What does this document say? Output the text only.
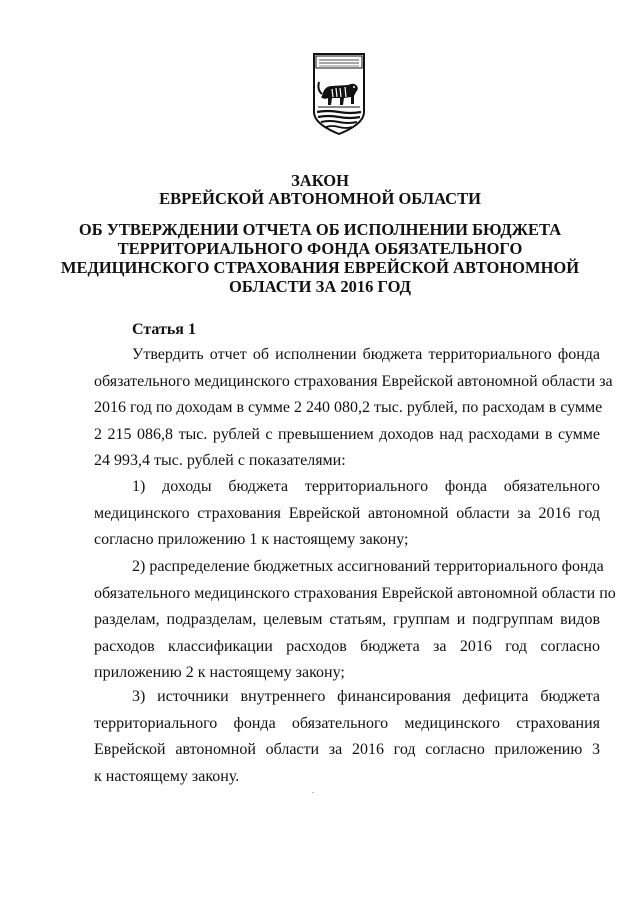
ЗАКОН
ЕВРЕЙСКОЙ АВТОНОМНОЙ ОБЛАСТИ
ОБ УТВЕРЖДЕНИИ ОТЧЕТА ОБ ИСПОЛНЕНИИ БЮДЖЕТА
ТЕРРИТОРИАЛЬНОГО ФОНДА ОБЯЗАТЕЛЬНОГО
МЕДИЦИНСКОГО СТРАХОВАНИЯ ЕВРЕЙСКОЙ АВТОНОМНОЙ
ОБЛАСТИ ЗА 2016 ГОД
Статья 1
Утвердить отчет об исполнении бюджета территориального фонда
обязательного медицинского страхования Еврейской автономной области за
2016 год по доходам в сумме 2 240 080,2 тыс. рублей, по расходам в сумме
2 215 086,8 тыс. рублей с превышением доходов над расходами в сумме
24 993,4 тыс. рублей с показателями:
1) доходы бюджета территориального фонда обязательного
медицинского страхования Еврейской автономной области за 2016 год
согласно приложению 1 к настоящему закону;
2) распределение бюджетных ассигнований территориального фонда
обязательного медицинского страхования Еврейской автономной области по
разделам, подразделам, целевым статьям, группам и подгруппам видов
расходов классификации расходов бюджета за 2016 год согласно
приложению 2 к настоящему закону;
3) источники внутреннего финансирования дефицита бюджета
территориального фонда обязательного медицинского страхования
Еврейской автономной области за 2016 год согласно приложению 3
к настоящему закону.
